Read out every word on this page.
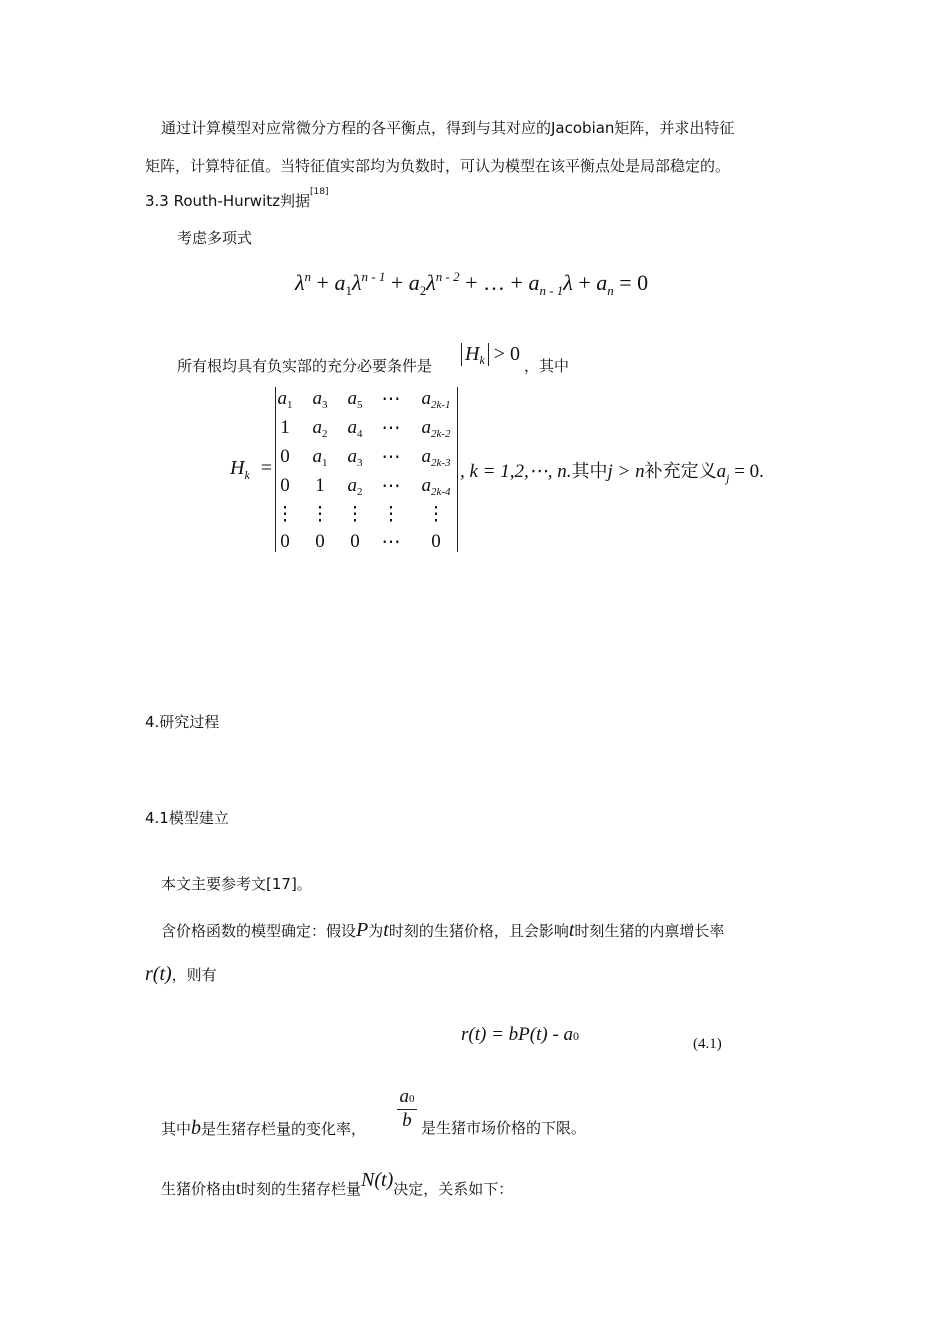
通过计算模型对应常微分方程的各平衡点，得到与其对应的Jacobian矩阵，并求出特征
矩阵，计算特征值。当特征值实部均为负数时，可认为模型在该平衡点处是局部稳定的。
3.3 Routh-Hurwitz判据[18]
考虑多项式
$\lambda^n + a_1\lambda^{n - 1} + a_2\lambda^{n - 2}$ + … + $a_{n - 1}\lambda + a_n = 0$
所有根均具有负实部的充分必要条件是
$H_k > 0$
，其中
$H_k$ =
$a_1$	$a_3$	$a_5$	⋯	$a_{2k-1}$
1	$a_2$	$a_4$	⋯	$a_{2k-2}$
0	$a_1$	$a_3$	⋯	$a_{2k-3}$
0	1	$a_2$	⋯	$a_{2k-4}$
⋮ ⋮ ⋮ ⋮	⋮
0	0	0	⋯	0
, k = 1,2,⋯, n.其中j > n补充定义$a_j = 0$.
4.研究过程
4.1模型建立
本文主要参考文[17]。
含价格函数的模型确定：假设P为t时刻的生猪价格，且会影响t时刻生猪的内禀增长率
r(t)，则有
r(t) = bP(t) - a0	(4.1)
其中b是生猪存栏量的变化率，
a0
b 是生猪市场价格的下限。
生猪价格由t时刻的生猪存栏量N(t)决定，关系如下：
